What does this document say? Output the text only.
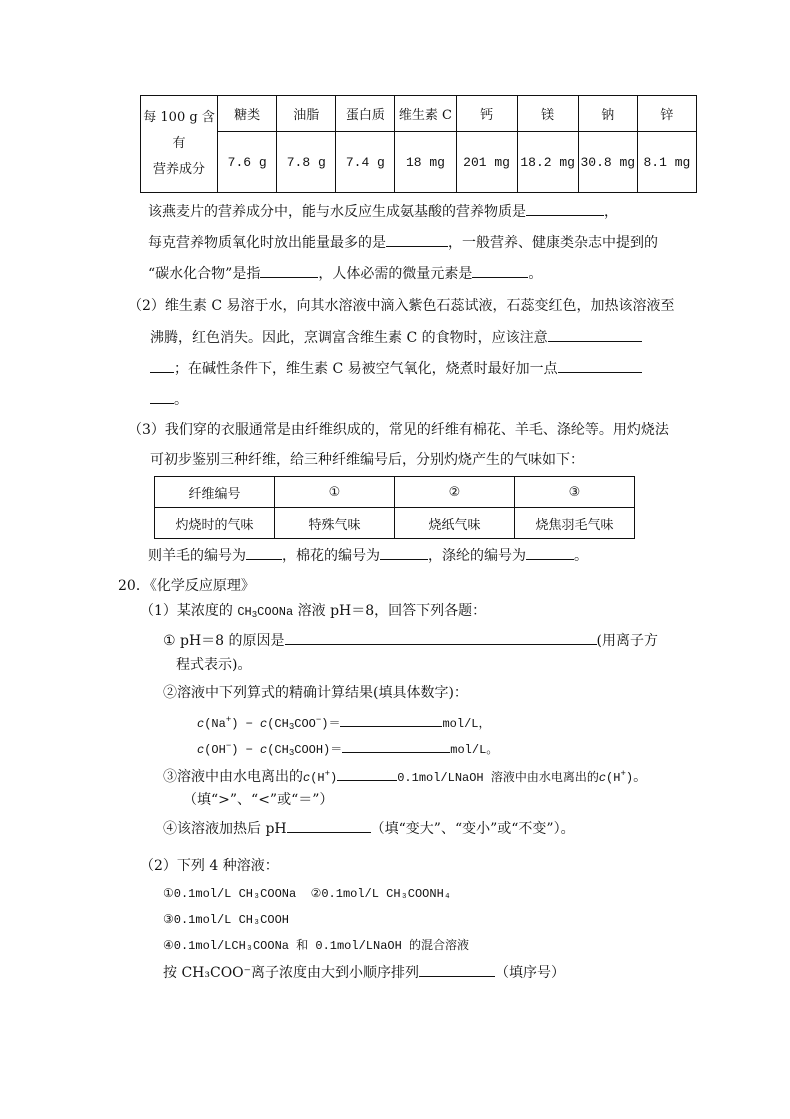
每 100 g 含
有
营养成分	糖类	油脂	蛋白质	维生素 C	钙	镁	钠	锌
	7.6 g	7.8 g	7.4 g	18 mg	201 mg	18.2 mg	30.8 mg	8.1 mg
该燕麦片的营养成分中，能与水反应生成氨基酸的营养物质是	，
每克营养物质氧化时放出能量最多的是	，一般营养、健康类杂志中提到的
“碳水化合物”是指	，人体必需的微量元素是	。
（2）维生素 C 易溶于水，向其水溶液中滴入紫色石蕊试液，石蕊变红色，加热该溶液至
沸腾，红色消失。因此，烹调富含维生素 C 的食物时，应该注意
；在碱性条件下，维生素 C 易被空气氧化，烧煮时最好加一点
。
（3）我们穿的衣服通常是由纤维织成的，常见的纤维有棉花、羊毛、涤纶等。用灼烧法
可初步鉴别三种纤维，给三种纤维编号后，分别灼烧产生的气味如下：
纤维编号	①	②	③
灼烧时的气味	特殊气味	烧纸气味	烧焦羽毛气味
则羊毛的编号为	，棉花的编号为	，涤纶的编号为	。
20．《化学反应原理》
（1）某浓度的 $CH_3COONa$ 溶液 pH＝8，回答下列各题：
① pH＝8 的原因是	(用离子方
程式表示)。
②溶液中下列算式的精确计算结果(填具体数字)：
$c(Na^+) - c(CH_3COO^-)=$	mol/L，
$c(OH^-) - c(CH_3COOH)=$	mol/L。
③溶液中由水电离出的c(H+)	0.1mol/LNaOH 溶液中由水电离出的c(H+)。
（填“>”、“<”或“＝”）
④该溶液加热后 pH	（填“变大”、“变小”或“不变”）。
（2）下列 4 种溶液：
①0.1mol/L CH₃COONa ②0.1mol/L CH₃COONH₄
③0.1mol/L CH₃COOH
④0.1mol/LCH₃COONa 和 0.1mol/LNaOH 的混合溶液
按 CH₃COO⁻离子浓度由大到小顺序排列	（填序号）
